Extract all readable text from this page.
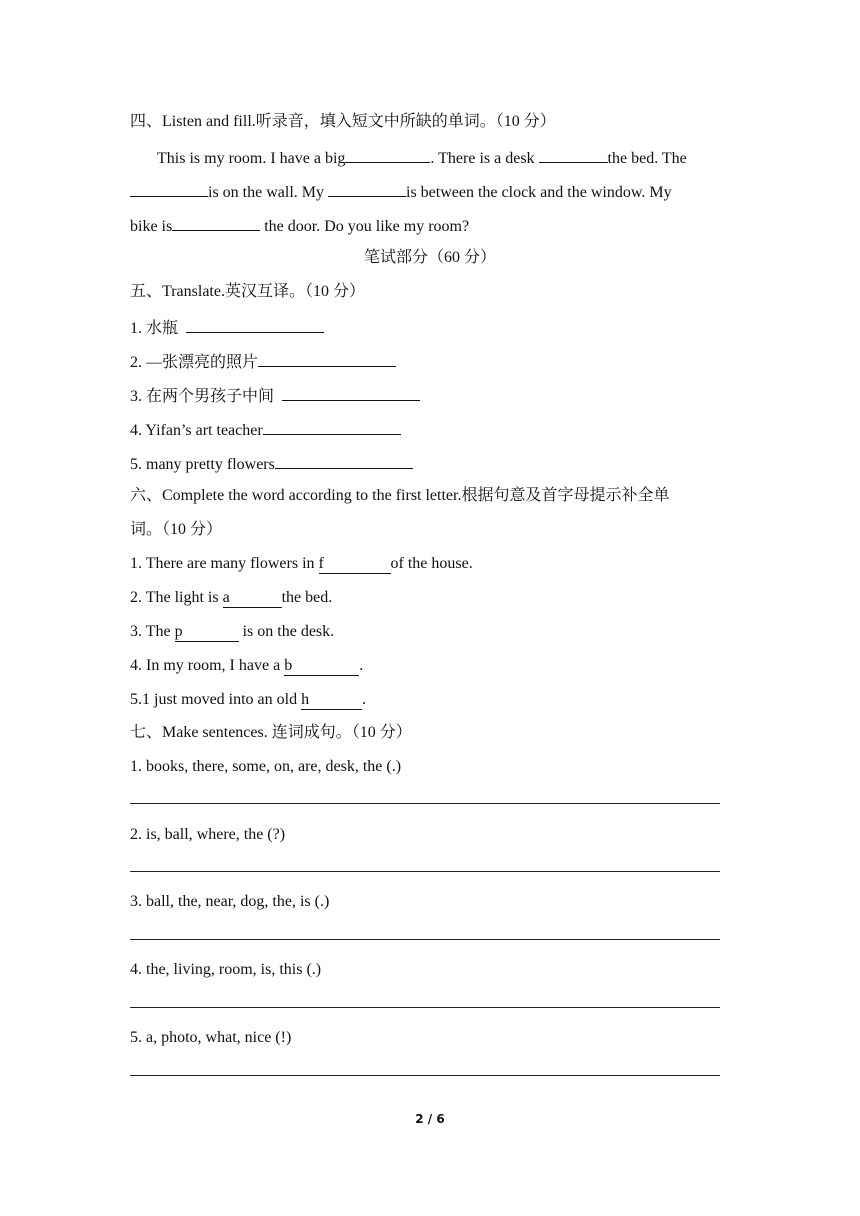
四、Listen and fill.听录音，填入短文中所缺的单词。（10 分）
This is my room. I have a big	. There is a desk	the bed. The
is on the wall. My	is between the clock and the window. My
bike is	the door. Do you like my room?
笔试部分（60 分）
五、Translate.英汉互译。（10 分）
1. 水瓶
2. —张漂亮的照片
3. 在两个男孩子中间
4. Yifan’s art teacher
5. many pretty flowers
六、Complete the word according to the first letter.根据句意及首字母提示补全单
词。（10 分）
1. There are many flowers in f	of the house.
2. The light is a	the bed.
3. The p	is on the desk.
4. In my room, I have a b	.
5.1 just moved into an old h	.
七、Make sentences. 连词成句。（10 分）
1. books, there, some, on, are, desk, the (.)
2. is, ball, where, the (?)
3. ball, the, near, dog, the, is (.)
4. the, living, room, is, this (.)
5. a, photo, what, nice (!)
2 / 6
